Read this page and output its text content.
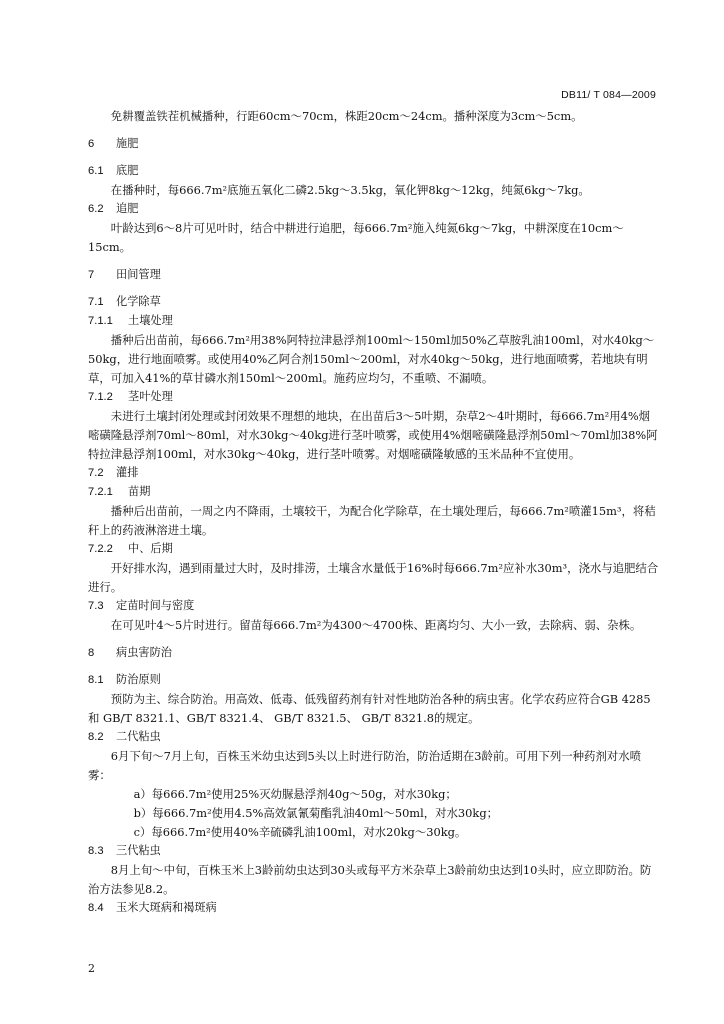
DB11/ T 084—2009

免耕覆盖铁茬机械播种，行距60cm～70cm，株距20cm～24cm。播种深度为3cm～5cm。

6 施肥
6.1 底肥

在播种时，每666.7m²底施五氧化二磷2.5kg～3.5kg，氧化钾8kg～12kg，纯氮6kg～7kg。

6.2 追肥

叶龄达到6～8片可见叶时，结合中耕进行追肥，每666.7m²施入纯氮6kg～7kg，中耕深度在10cm～15cm。

7 田间管理
7.1 化学除草
7.1.1 土壤处理

播种后出苗前，每666.7m²用38%阿特拉津悬浮剂100ml～150ml加50%乙草胺乳油100ml，对水40kg～50kg，进行地面喷雾。或使用40%乙阿合剂150ml～200ml，对水40kg～50kg，进行地面喷雾，若地块有明草，可加入41%的草甘磷水剂150ml～200ml。施药应均匀，不重喷、不漏喷。

7.1.2 茎叶处理

未进行土壤封闭处理或封闭效果不理想的地块，在出苗后3～5叶期，杂草2～4叶期时，每666.7m²用4%烟嘧磺隆悬浮剂70ml～80ml，对水30kg～40kg进行茎叶喷雾，或使用4%烟嘧磺隆悬浮剂50ml～70ml加38%阿特拉津悬浮剂100ml，对水30kg～40kg，进行茎叶喷雾。对烟嘧磺隆敏感的玉米品种不宜使用。

7.2 灌排
7.2.1 苗期

播种后出苗前，一周之内不降雨，土壤较干，为配合化学除草，在土壤处理后，每666.7m²喷灌15m³，将秸秆上的药液淋溶进土壤。

7.2.2 中、后期

开好排水沟，遇到雨量过大时，及时排涝，土壤含水量低于16%时每666.7m²应补水30m³，浇水与追肥结合进行。

7.3 定苗时间与密度

在可见叶4～5片时进行。留苗每666.7m²为4300～4700株、距离均匀、大小一致，去除病、弱、杂株。

8 病虫害防治
8.1 防治原则

预防为主、综合防治。用高效、低毒、低残留药剂有针对性地防治各种的病虫害。化学农药应符合GB 4285和 GB/T 8321.1、GB/T 8321.4、 GB/T 8321.5、 GB/T 8321.8的规定。

8.2 二代粘虫

6月下旬～7月上旬，百株玉米幼虫达到5头以上时进行防治，防治适期在3龄前。可用下列一种药剂对水喷雾：

a）每666.7m²使用25%灭幼脲悬浮剂40g～50g，对水30kg；

b）每666.7m²使用4.5%高效氯氰菊酯乳油40ml～50ml，对水30kg；

c）每666.7m²使用40%辛硫磷乳油100ml，对水20kg～30kg。

8.3 三代粘虫

8月上旬～中旬，百株玉米上3龄前幼虫达到30头或每平方米杂草上3龄前幼虫达到10头时，应立即防治。防治方法参见8.2。

8.4 玉米大斑病和褐斑病
2
